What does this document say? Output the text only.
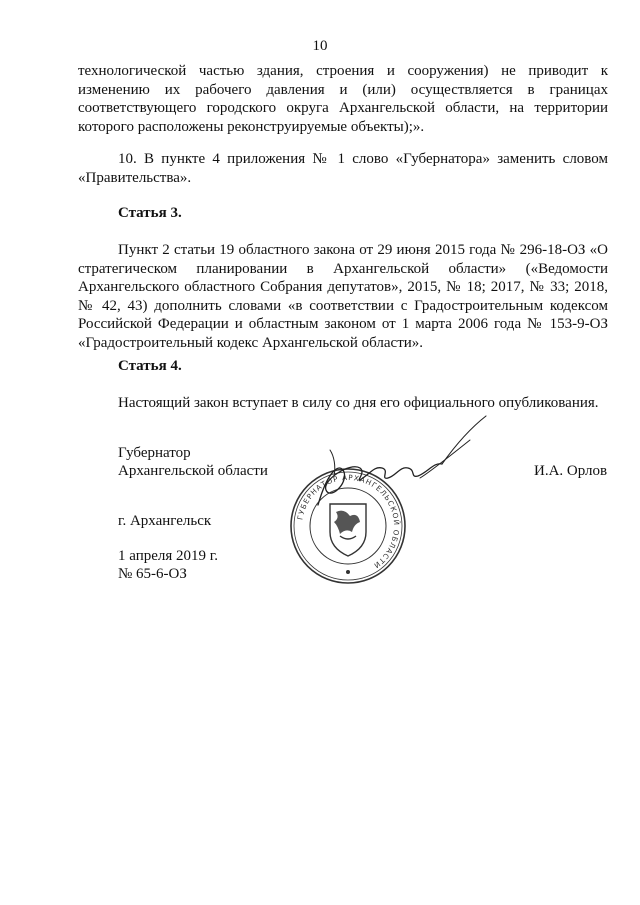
10

технологической частью здания, строения и сооружения) не приводит к изменению их рабочего давления и (или) осуществляется в границах соответствующего городского округа Архангельской области, на территории которого расположены реконструируемые объекты);».

10. В пункте 4 приложения № 1 слово «Губернатора» заменить словом «Правительства».

Статья 3.

Пункт 2 статьи 19 областного закона от 29 июня 2015 года № 296-18-ОЗ «О стратегическом планировании в Архангельской области» («Ведомости Архангельского областного Собрания депутатов», 2015, № 18; 2017, № 33; 2018, № 42, 43) дополнить словами «в соответствии с Градостроительным кодексом Российской Федерации и областным законом от 1 марта 2006 года № 153-9-ОЗ «Градостроительный кодекс Архангельской области».

Статья 4.
Настоящий закон вступает в силу со дня его официального опубликования.
Губернатор
Архангельской области	И.А. Орлов
г. Архангельск
1 апреля 2019 г.
№ 65-6-ОЗ
ГУБЕРНАТОР АРХАНГЕЛЬСКОЙ ОБЛАСТИ
